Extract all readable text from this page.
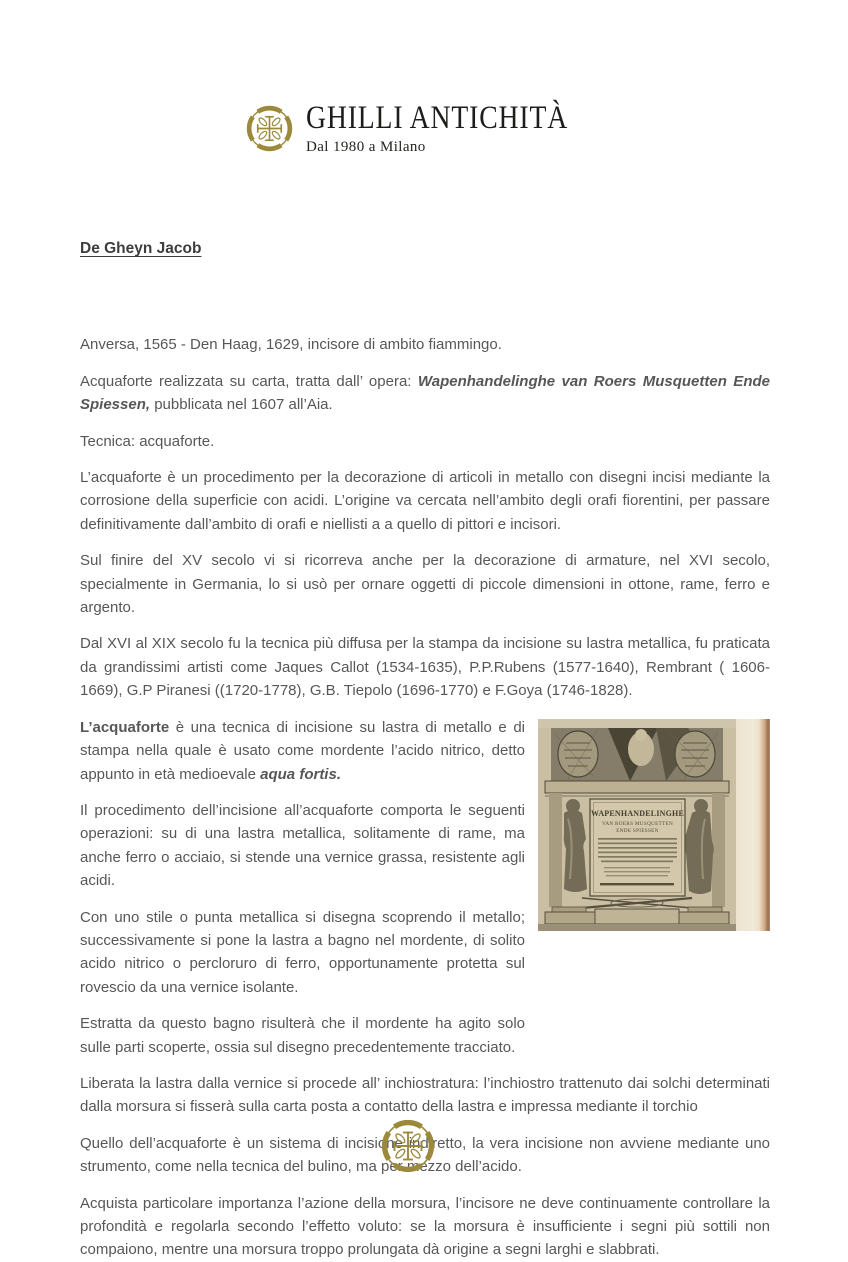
GHILLI ANTICHITÀ
Dal 1980 a Milano
De Gheyn Jacob

Anversa, 1565 - Den Haag, 1629, incisore di ambito fiammingo.

Acquaforte realizzata su carta, tratta dall’ opera: Wapenhandelinghe van Roers Musquetten Ende Spiessen, pubblicata nel 1607 all’Aia.

Tecnica: acquaforte.

L’acquaforte è un procedimento per la decorazione di articoli in metallo con disegni incisi mediante la corrosione della superficie con acidi. L’origine va cercata nell’ambito degli orafi fiorentini, per passare definitivamente dall’ambito di orafi e niellisti a a quello di pittori e incisori.

Sul finire del XV secolo vi si ricorreva anche per la decorazione di armature, nel XVI secolo, specialmente in Germania, lo si usò per ornare oggetti di piccole dimensioni in ottone, rame, ferro e argento.

Dal XVI al XIX secolo fu la tecnica più diffusa per la stampa da incisione su lastra metallica, fu praticata da grandissimi artisti come Jaques Callot (1534-1635), P.P.Rubens (1577-1640), Rembrant ( 1606-1669), G.P Piranesi ((1720-1778), G.B. Tiepolo (1696-1770) e F.Goya (1746-1828).

L’acquaforte è una tecnica di incisione su lastra di metallo e di stampa nella quale è usato come mordente l’acido nitrico, detto appunto in età medioevale aqua fortis.

Il procedimento dell’incisione all’acquaforte comporta le seguenti operazioni: su di una lastra metallica, solitamente di rame, ma anche ferro o acciaio, si stende una vernice grassa, resistente agli acidi.

Con uno stile o punta metallica si disegna scoprendo il metallo; successivamente si pone la lastra a bagno nel mordente, di solito acido nitrico o percloruro di ferro, opportunamente protetta sul rovescio da una vernice isolante.

Estratta da questo bagno risulterà che il mordente ha agito solo sulle parti scoperte, ossia sul disegno precedentemente tracciato.

WAPENHANDELINGHE
VAN ROERS MUSQUETTEN
ENDE SPIESSEN

Liberata la lastra dalla vernice si procede all’ inchiostratura: l’inchiostro trattenuto dai solchi determinati dalla morsura si fisserà sulla carta posta a contatto della lastra e impressa mediante il torchio

Quello dell’acquaforte è un sistema di incisione indiretto, la vera incisione non avviene mediante uno strumento, come nella tecnica del bulino, ma per mezzo dell’acido.

Acquista particolare importanza l’azione della morsura, l’incisore ne deve continuamente controllare la profondità e regolarla secondo l’effetto voluto: se la morsura è insufficiente i segni più sottili non compaiono, mentre una morsura troppo prolungata dà origine a segni larghi e slabbrati.
